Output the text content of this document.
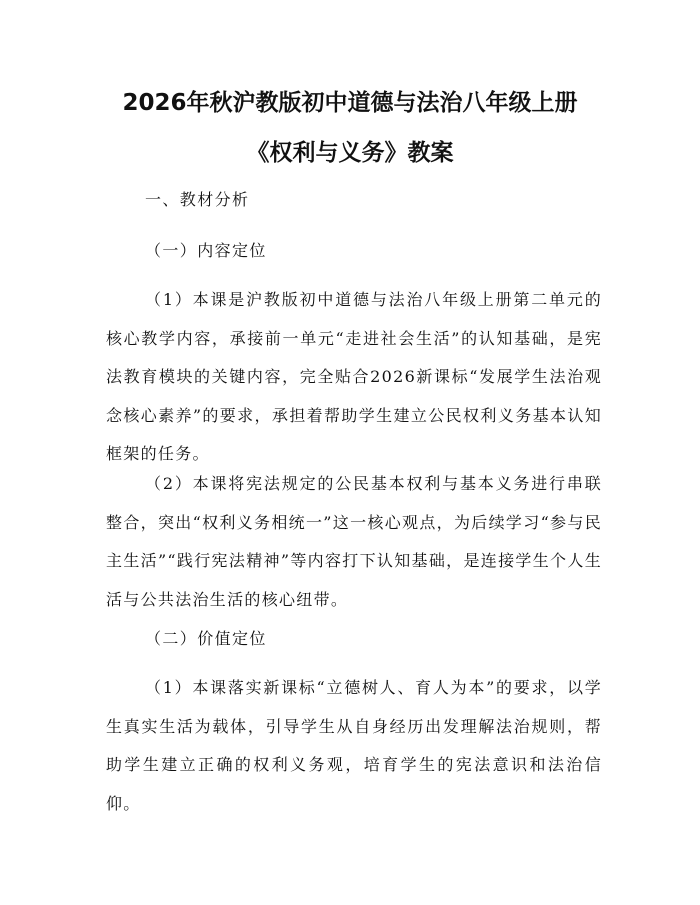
2026年秋沪教版初中道德与法治八年级上册
《权利与义务》教案

一、教材分析

（一）内容定位

（1）本课是沪教版初中道德与法治八年级上册第二单元的核心教学内容，承接前一单元“走进社会生活”的认知基础，是宪法教育模块的关键内容，完全贴合2026新课标“发展学生法治观念核心素养”的要求，承担着帮助学生建立公民权利义务基本认知框架的任务。

（2）本课将宪法规定的公民基本权利与基本义务进行串联整合，突出“权利义务相统一”这一核心观点，为后续学习“参与民主生活”“践行宪法精神”等内容打下认知基础，是连接学生个人生活与公共法治生活的核心纽带。

（二）价值定位

（1）本课落实新课标“立德树人、育人为本”的要求，以学生真实生活为载体，引导学生从自身经历出发理解法治规则，帮助学生建立正确的权利义务观，培育学生的宪法意识和法治信仰。
